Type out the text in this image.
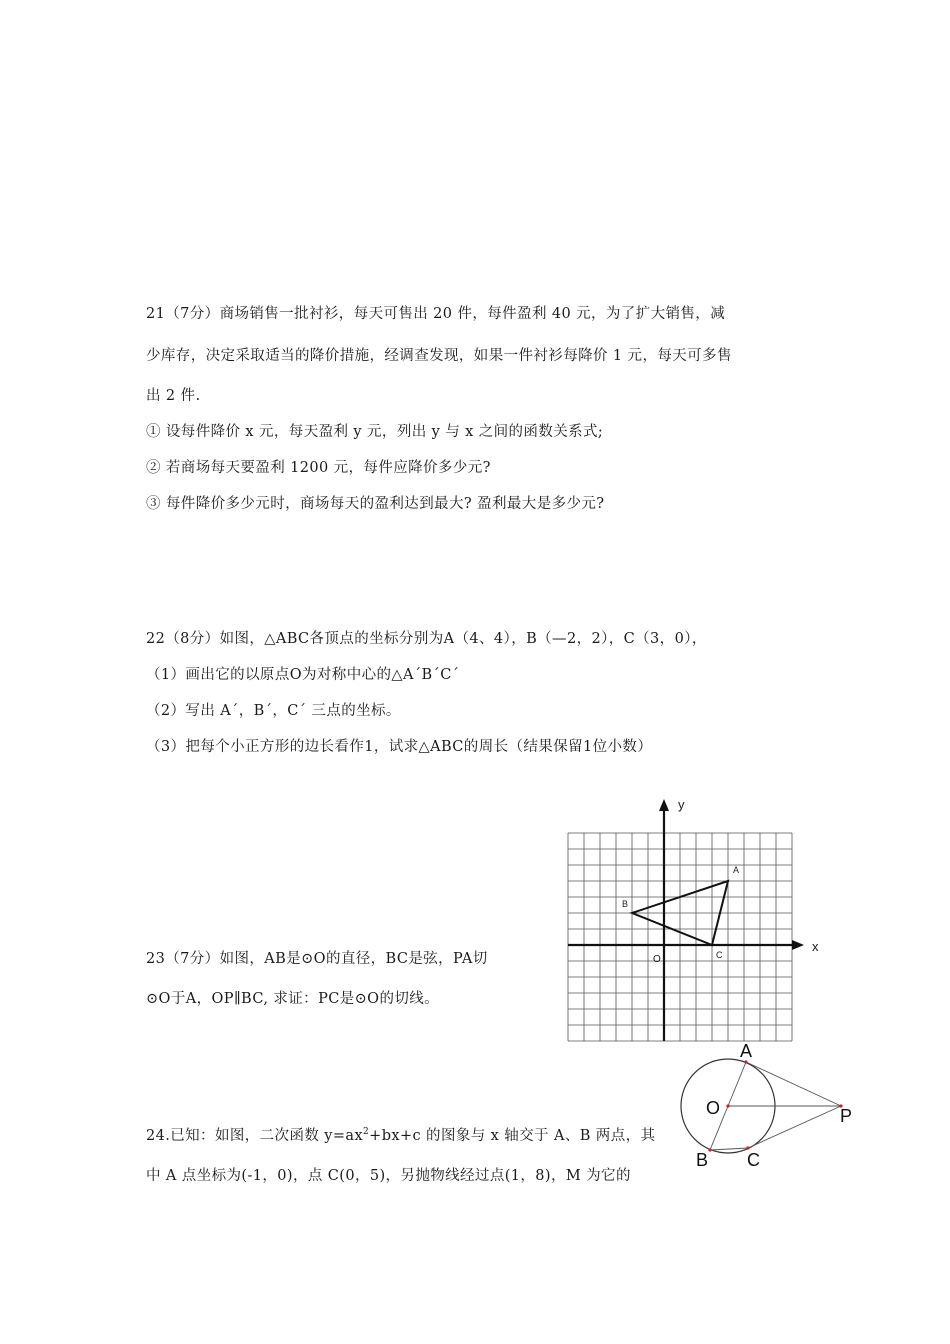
21（7分）商场销售一批衬衫，每天可售出 20 件，每件盈利 40 元，为了扩大销售，减
少库存，决定采取适当的降价措施，经调查发现，如果一件衬衫每降价 1 元，每天可多售
出 2 件.
① 设每件降价 x 元，每天盈利 y 元，列出 y 与 x 之间的函数关系式;
② 若商场每天要盈利 1200 元，每件应降价多少元?
③ 每件降价多少元时，商场每天的盈利达到最大? 盈利最大是多少元?
22（8分）如图，△ABC各顶点的坐标分别为A（4、4），B（—2，2），C（3，0），
（1）画出它的以原点O为对称中心的△A´B´C´
（2）写出 A´，B´，C´ 三点的坐标。
（3）把每个小正方形的边长看作1，试求△ABC的周长（结果保留1位小数）
y
x
O
A
B
C
23（7分）如图，AB是⊙O的直径，BC是弦，PA切
⊙O于A，OP∥BC, 求证：PC是⊙O的切线。
A
O	P
B C
24.已知：如图，二次函数 $y=ax^2+bx+c$ 的图象与 x 轴交于 A、B 两点，其
中 A 点坐标为(-1，0)，点 C(0，5)，另抛物线经过点(1，8)，M 为它的
